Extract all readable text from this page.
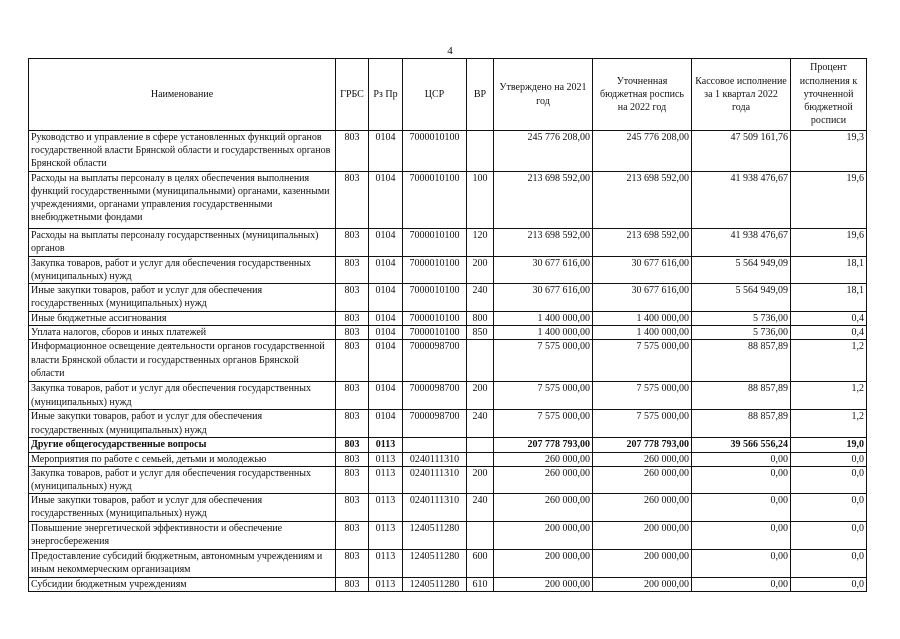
4
Наименование	ГРБС	Рз Пр	ЦСР	ВР	Утверждено на 2021 год	Уточненная бюджетная роспись на 2022 год	Кассовое исполнение за 1 квартал 2022 года	Процент исполнения к уточненной бюджетной росписи
Руководство и управление в сфере установленных функций органов государственной власти Брянской области и государственных органов Брянской области	803	0104	7000010100		245 776 208,00	245 776 208,00	47 509 161,76	19,3
Расходы на выплаты персоналу в целях обеспечения выполнения функций государственными (муниципальными) органами, казенными учреждениями, органами управления государственными внебюджетными фондами	803	0104	7000010100	100	213 698 592,00	213 698 592,00	41 938 476,67	19,6
Расходы на выплаты персоналу государственных (муниципальных) органов	803	0104	7000010100	120	213 698 592,00	213 698 592,00	41 938 476,67	19,6
Закупка товаров, работ и услуг для обеспечения государственных (муниципальных) нужд	803	0104	7000010100	200	30 677 616,00	30 677 616,00	5 564 949,09	18,1
Иные закупки товаров, работ и услуг для обеспечения государственных (муниципальных) нужд	803	0104	7000010100	240	30 677 616,00	30 677 616,00	5 564 949,09	18,1
Иные бюджетные ассигнования	803	0104	7000010100	800	1 400 000,00	1 400 000,00	5 736,00	0,4
Уплата налогов, сборов и иных платежей	803	0104	7000010100	850	1 400 000,00	1 400 000,00	5 736,00	0,4
Информационное освещение деятельности органов государственной власти Брянской области и государственных органов Брянской области	803	0104	7000098700		7 575 000,00	7 575 000,00	88 857,89	1,2
Закупка товаров, работ и услуг для обеспечения государственных (муниципальных) нужд	803	0104	7000098700	200	7 575 000,00	7 575 000,00	88 857,89	1,2
Иные закупки товаров, работ и услуг для обеспечения государственных (муниципальных) нужд	803	0104	7000098700	240	7 575 000,00	7 575 000,00	88 857,89	1,2
Другие общегосударственные вопросы	803	0113			207 778 793,00	207 778 793,00	39 566 556,24	19,0
Мероприятия по работе с семьей, детьми и молодежью	803	0113	0240111310		260 000,00	260 000,00	0,00	0,0
Закупка товаров, работ и услуг для обеспечения государственных (муниципальных) нужд	803	0113	0240111310	200	260 000,00	260 000,00	0,00	0,0
Иные закупки товаров, работ и услуг для обеспечения государственных (муниципальных) нужд	803	0113	0240111310	240	260 000,00	260 000,00	0,00	0,0
Повышение энергетической эффективности и обеспечение энергосбережения	803	0113	1240511280		200 000,00	200 000,00	0,00	0,0
Предоставление субсидий бюджетным, автономным учреждениям и иным некоммерческим организациям	803	0113	1240511280	600	200 000,00	200 000,00	0,00	0,0
Субсидии бюджетным учреждениям	803	0113	1240511280	610	200 000,00	200 000,00	0,00	0,0
